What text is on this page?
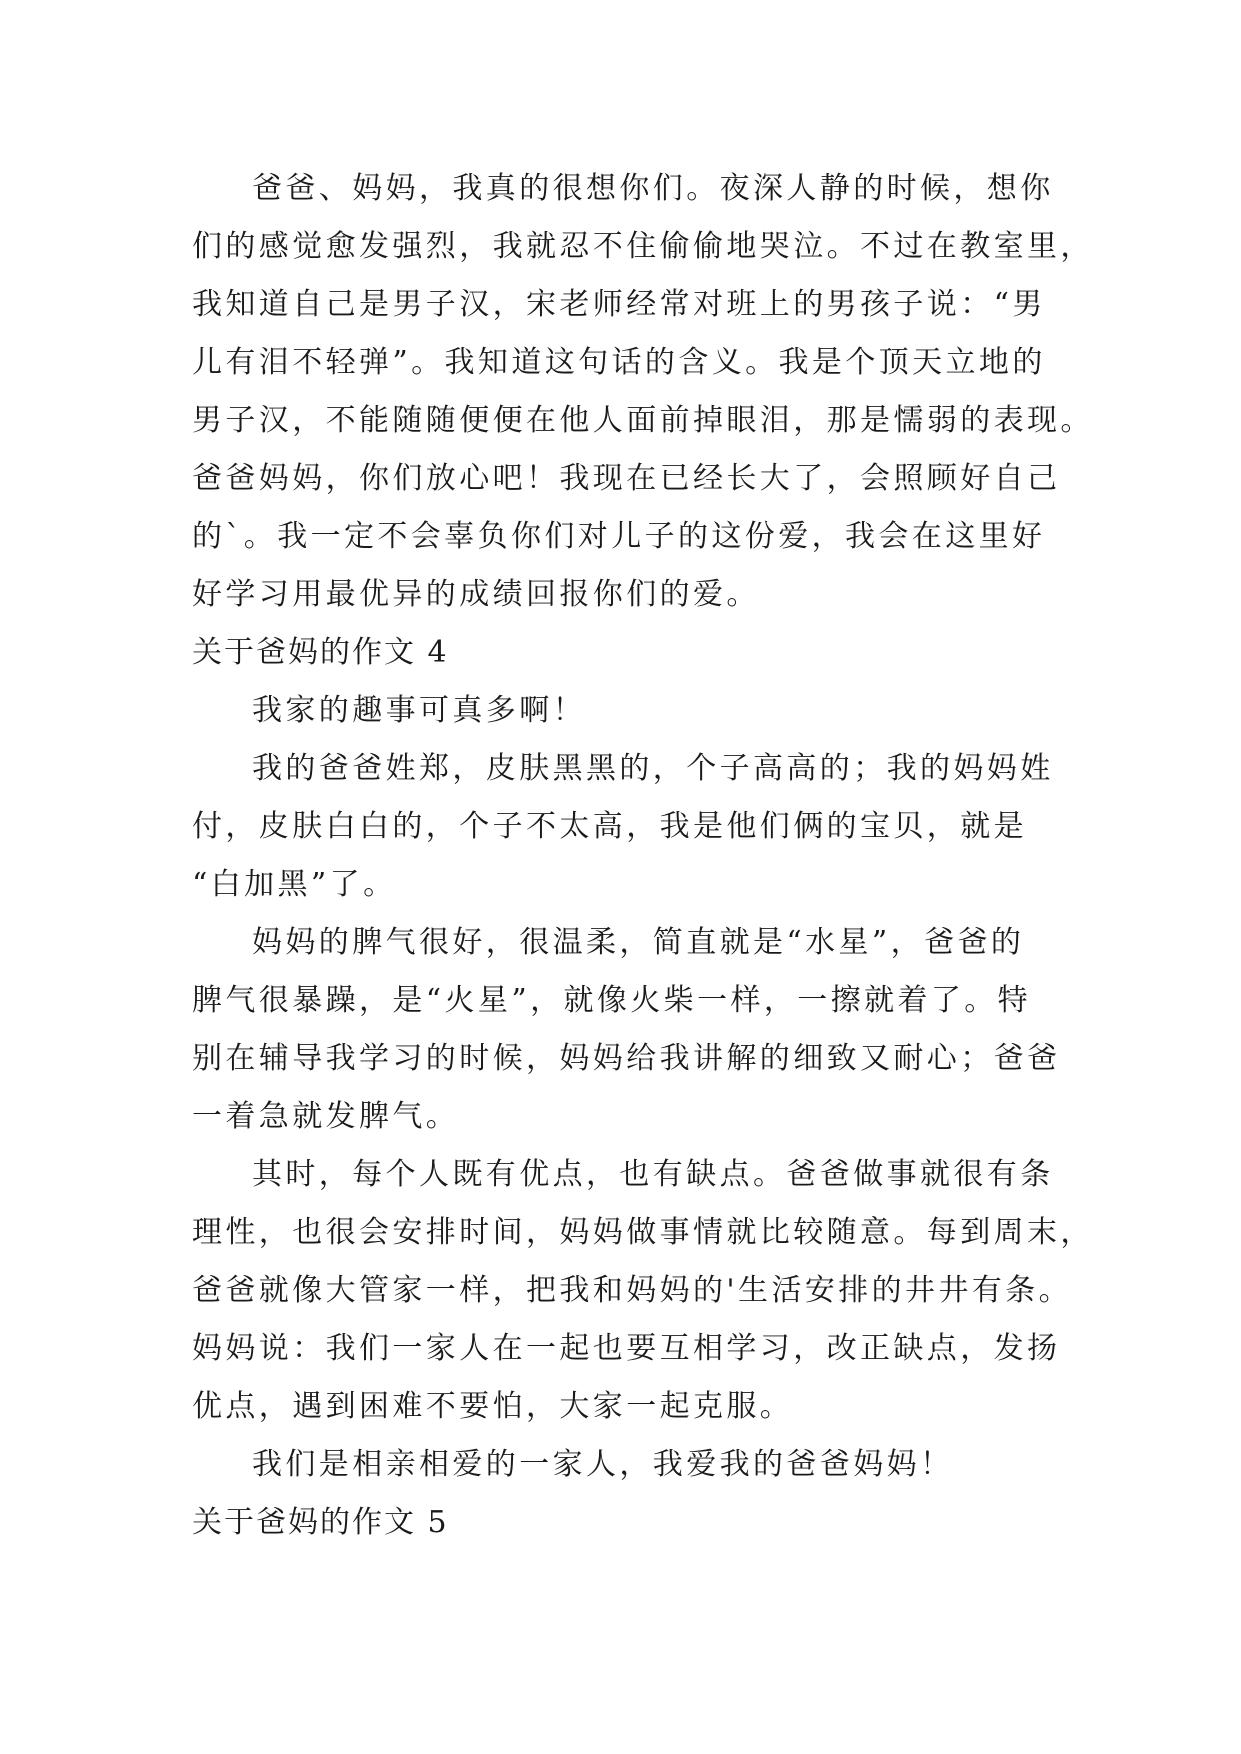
爸爸、妈妈，我真的很想你们。夜深人静的时候，想你
们的感觉愈发强烈，我就忍不住偷偷地哭泣。不过在教室里，
我知道自己是男子汉，宋老师经常对班上的男孩子说：“男
儿有泪不轻弹”。我知道这句话的含义。我是个顶天立地的
男子汉，不能随随便便在他人面前掉眼泪，那是懦弱的表现。
爸爸妈妈，你们放心吧！我现在已经长大了，会照顾好自己
的`。我一定不会辜负你们对儿子的这份爱，我会在这里好
好学习用最优异的成绩回报你们的爱。

关于爸妈的作文 4

我家的趣事可真多啊！

我的爸爸姓郑，皮肤黑黑的，个子高高的；我的妈妈姓
付，皮肤白白的，个子不太高，我是他们俩的宝贝，就是
“白加黑”了。

妈妈的脾气很好，很温柔，简直就是“水星”，爸爸的
脾气很暴躁，是“火星”，就像火柴一样，一擦就着了。特
别在辅导我学习的时候，妈妈给我讲解的细致又耐心；爸爸
一着急就发脾气。

其时，每个人既有优点，也有缺点。爸爸做事就很有条
理性，也很会安排时间，妈妈做事情就比较随意。每到周末，
爸爸就像大管家一样，把我和妈妈的'生活安排的井井有条。
妈妈说：我们一家人在一起也要互相学习，改正缺点，发扬
优点，遇到困难不要怕，大家一起克服。

我们是相亲相爱的一家人，我爱我的爸爸妈妈！

关于爸妈的作文 5
